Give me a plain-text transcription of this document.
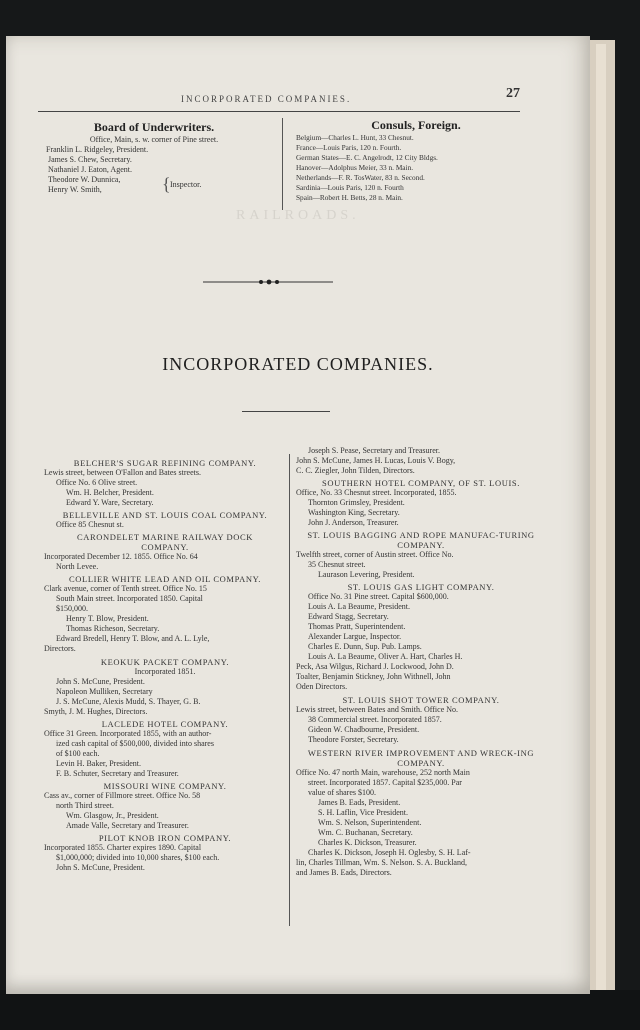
INCORPORATED COMPANIES.	27
Board of Underwriters.
Office, Main, s. w. corner of Pine street.
Franklin L. Ridgeley, President.
James S. Chew, Secretary.
Nathaniel J. Eaton, Agent.
Theodore W. Dunnica,
Henry W. Smith,	{ Inspector.
Consuls, Foreign.
Belgium—Charles L. Hunt, 33 Chesnut.
France—Louis Paris, 120 n. Fourth.
German States—E. C. Angelrodt, 12 City Bldgs.
Hanover—Adolphus Meier, 33 n. Main.
Netherlands—F. R. TosWater, 83 n. Second.
Sardinia—Louis Paris, 120 n. Fourth
Spain—Robert H. Betts, 28 n. Main.
RAILROADS.
INCORPORATED COMPANIES.
BELCHER'S SUGAR REFINING COMPANY.
Lewis street, between O'Fallon and Bates streets.
Office No. 6 Olive street.
Wm. H. Belcher, President.
Edward Y. Ware, Secretary.
BELLEVILLE AND ST. LOUIS COAL COMPANY.
Office 85 Chesnut st.
CARONDELET MARINE RAILWAY DOCK COMPANY.
Incorporated December 12. 1855. Office No. 64
North Levee.
COLLIER WHITE LEAD AND OIL COMPANY.
Clark avenue, corner of Tenth street. Office No. 15
South Main street. Incorporated 1850. Capital
$150,000.
Henry T. Blow, President.
Thomas Richeson, Secretary.
Edward Bredell, Henry T. Blow, and A. L. Lyle,
Directors.
KEOKUK PACKET COMPANY.
Incorporated 1851.
John S. McCune, President.
Napoleon Mulliken, Secretary
J. S. McCune, Alexis Mudd, S. Thayer, G. B.
Smyth, J. M. Hughes, Directors.
LACLEDE HOTEL COMPANY.
Office 31 Green. Incorporated 1855, with an author-
ized cash capital of $500,000, divided into shares
of $100 each.
Levin H. Baker, President.
F. B. Schuter, Secretary and Treasurer.
MISSOURI WINE COMPANY.
Cass av., corner of Fillmore street. Office No. 58
north Third street.
Wm. Glasgow, Jr., President.
Amade Valle, Secretary and Treasurer.
PILOT KNOB IRON COMPANY.
Incorporated 1855. Charter expires 1890. Capital
$1,000,000; divided into 10,000 shares, $100 each.
John S. McCune, President.
Joseph S. Pease, Secretary and Treasurer.
John S. McCune, James H. Lucas, Louis V. Bogy,
C. C. Ziegler, John Tilden, Directors.
SOUTHERN HOTEL COMPANY, OF ST. LOUIS.
Office, No. 33 Chesnut street. Incorporated, 1855.
Thornton Grimsley, President.
Washington King, Secretary.
John J. Anderson, Treasurer.
ST. LOUIS BAGGING AND ROPE MANUFAC-TURING COMPANY.
Twelfth street, corner of Austin street. Office No.
35 Chesnut street.
Laurason Levering, President.
ST. LOUIS GAS LIGHT COMPANY.
Office No. 31 Pine street. Capital $600,000.
Louis A. La Beaume, President.
Edward Stagg, Secretary.
Thomas Pratt, Superintendent.
Alexander Largue, Inspector.
Charles E. Dunn, Sup. Pub. Lamps.
Louis A. La Beaume, Oliver A. Hart, Charles H.
Peck, Asa Wilgus, Richard J. Lockwood, John D.
Toalter, Benjamin Stickney, John Withnell, John
Oden Directors.
ST. LOUIS SHOT TOWER COMPANY.
Lewis street, between Bates and Smith. Office No.
38 Commercial street. Incorporated 1857.
Gideon W. Chadbourne, President.
Theodore Forster, Secretary.
WESTERN RIVER IMPROVEMENT AND WRECK-ING COMPANY.
Office No. 47 north Main, warehouse, 252 north Main
street. Incorporated 1857. Capital $235,000. Par
value of shares $100.
James B. Eads, President.
S. H. Laflin, Vice President.
Wm. S. Nelson, Superintendent.
Wm. C. Buchanan, Secretary.
Charles K. Dickson, Treasurer.
Charles K. Dickson, Joseph H. Oglesby, S. H. Laf-
lin, Charles Tillman, Wm. S. Nelson. S. A. Buckland,
and James B. Eads, Directors.
